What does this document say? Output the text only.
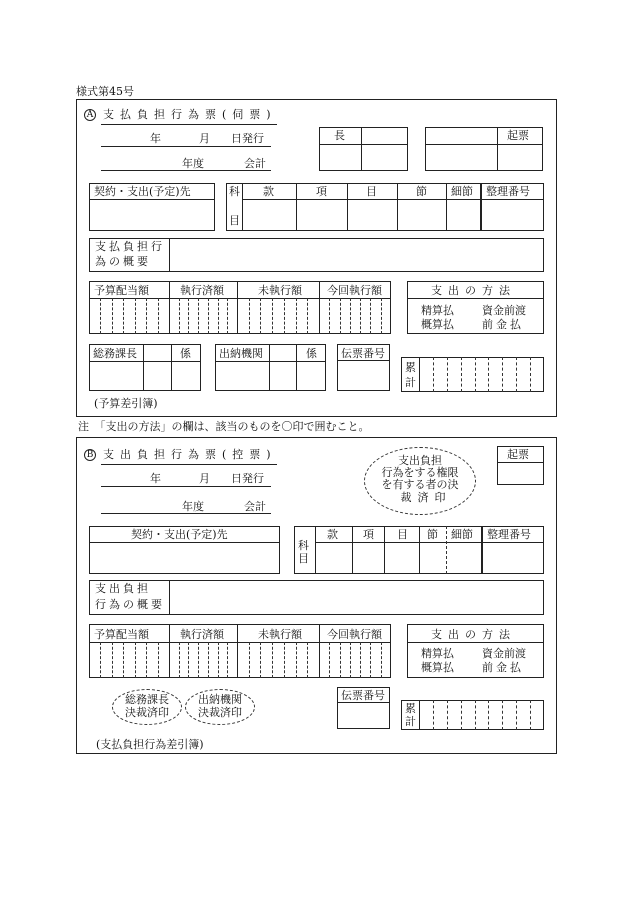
様式第45号
A 支払負担行為票(伺票)
年	月 日発行
年度	会計
長	起票
契約・支出(予定)先	科
目
款	項	目	節 細節 整理番号
支払負担行
為の概要
予算配当額	執行済額	未執行額 今回執行額	支出の方法
精算払	資金前渡
概算払	前金払
総務課長	係	出納機関	係 伝票番号
累
計
(予算差引簿)
注　「支出の方法」の欄は、該当のものを〇印で囲むこと。
B 支出負担行為票(控票)
年	月 日発行
年度	会計
支出負担
行為をする権限
を有する者の決
裁済印
起票
契約・支出(予定)先
科
目
款 項 目 節 細節 整理番号
支出負担
行為の概要
予算配当額	執行済額	未執行額 今回執行額	支出の方法
精算払	資金前渡
概算払	前金払
総務課長
決裁済印
出納機関
決裁済印
伝票番号
累
計
(支払負担行為差引簿)
